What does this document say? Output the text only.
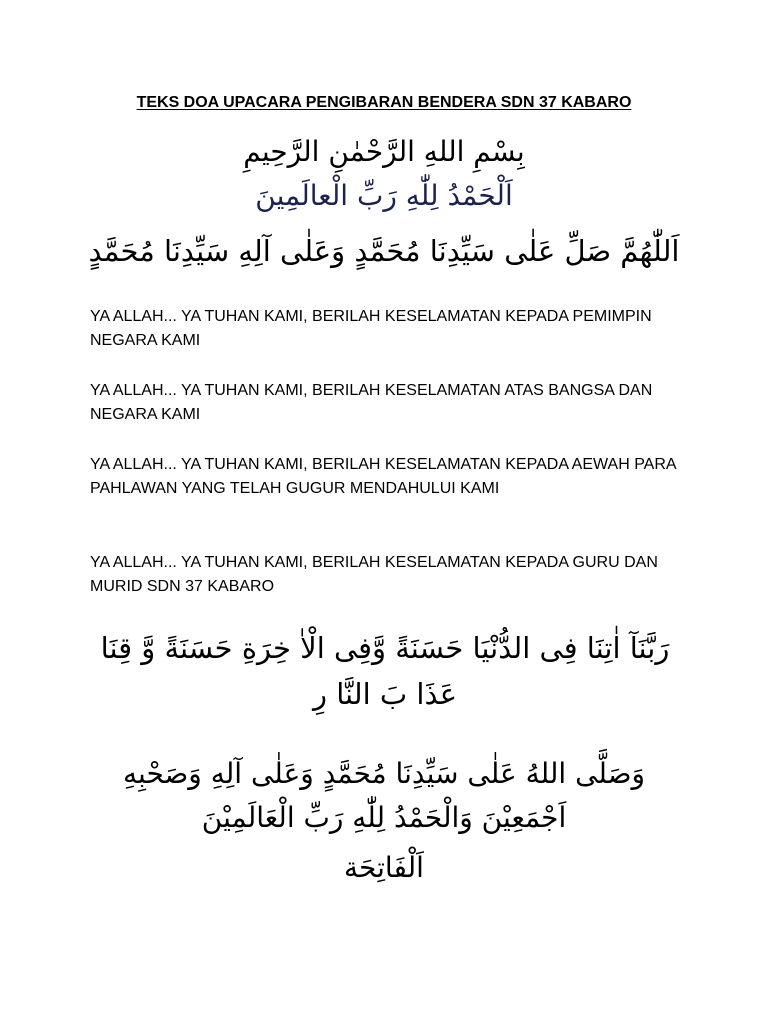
TEKS DOA UPACARA PENGIBARAN BENDERA SDN 37 KABARO
بِسْمِ اللهِ الرَّحْمٰنِ الرَّحِيمِ
اَلْحَمْدُ لِلّٰهِ رَبِّ الْعالَمِينَ
اَللّٰهُمَّ صَلِّ عَلٰى سَيِّدِنَا مُحَمَّدٍ وَعَلٰى آلِهِ سَيِّدِنَا مُحَمَّدٍ
YA ALLAH... YA TUHAN KAMI, BERILAH KESELAMATAN KEPADA PEMIMPIN NEGARA KAMI
YA ALLAH... YA TUHAN KAMI, BERILAH KESELAMATAN ATAS BANGSA DAN NEGARA KAMI
YA ALLAH... YA TUHAN KAMI, BERILAH KESELAMATAN KEPADA AEWAH PARA PAHLAWAN YANG TELAH GUGUR MENDAHULUI KAMI
YA ALLAH... YA TUHAN KAMI, BERILAH KESELAMATAN KEPADA GURU DAN MURID SDN 37 KABARO
رَبَّنَآ اٰتِنَا فِى الدُّنْيَا حَسَنَةً وَّفِى الْاٰ خِرَةِ حَسَنَةً وَّ قِنَا عَذَا بَ النَّا رِ
وَصَلَّى اللهُ عَلٰى سَيِّدِنَا مُحَمَّدٍ وَعَلٰى آلِهِ وَصَحْبِهِ
اَجْمَعِيْنَ وَالْحَمْدُ لِلّٰهِ رَبِّ الْعَالَمِيْنَ
اَلْفَاتِحَة
